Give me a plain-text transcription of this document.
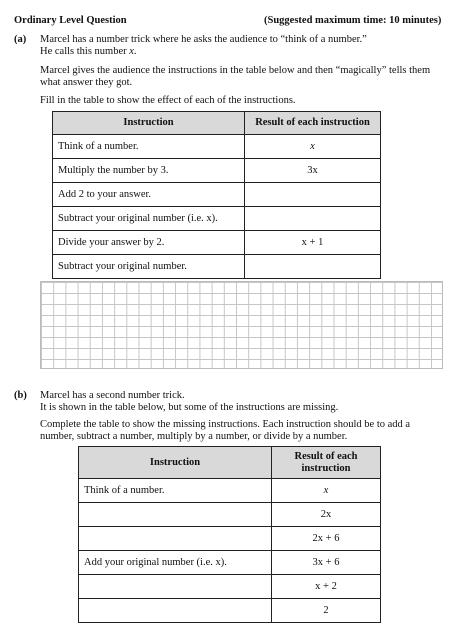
Ordinary Level Question	(Suggested maximum time: 10 minutes)
(a) Marcel has a number trick where he asks the audience to “think of a number.”
He calls this number x.
Marcel gives the audience the instructions in the table below and then “magically” tells them
what answer they got.
Fill in the table to show the effect of each of the instructions.
Instruction	Result of each instruction
Think of a number.	x
Multiply the number by 3.	3x
Add 2 to your answer.	
Subtract your original number (i.e. x).	
Divide your answer by 2.	x + 1
Subtract your original number.	
(b) Marcel has a second number trick.
It is shown in the table below, but some of the instructions are missing.
Complete the table to show the missing instructions. Each instruction should be to add a
number, subtract a number, multiply by a number, or divide by a number.
Instruction	Result of each
instruction

Think of a number.	x
	2x
	2x + 6
Add your original number (i.e. x).	3x + 6
	x + 2
	2
